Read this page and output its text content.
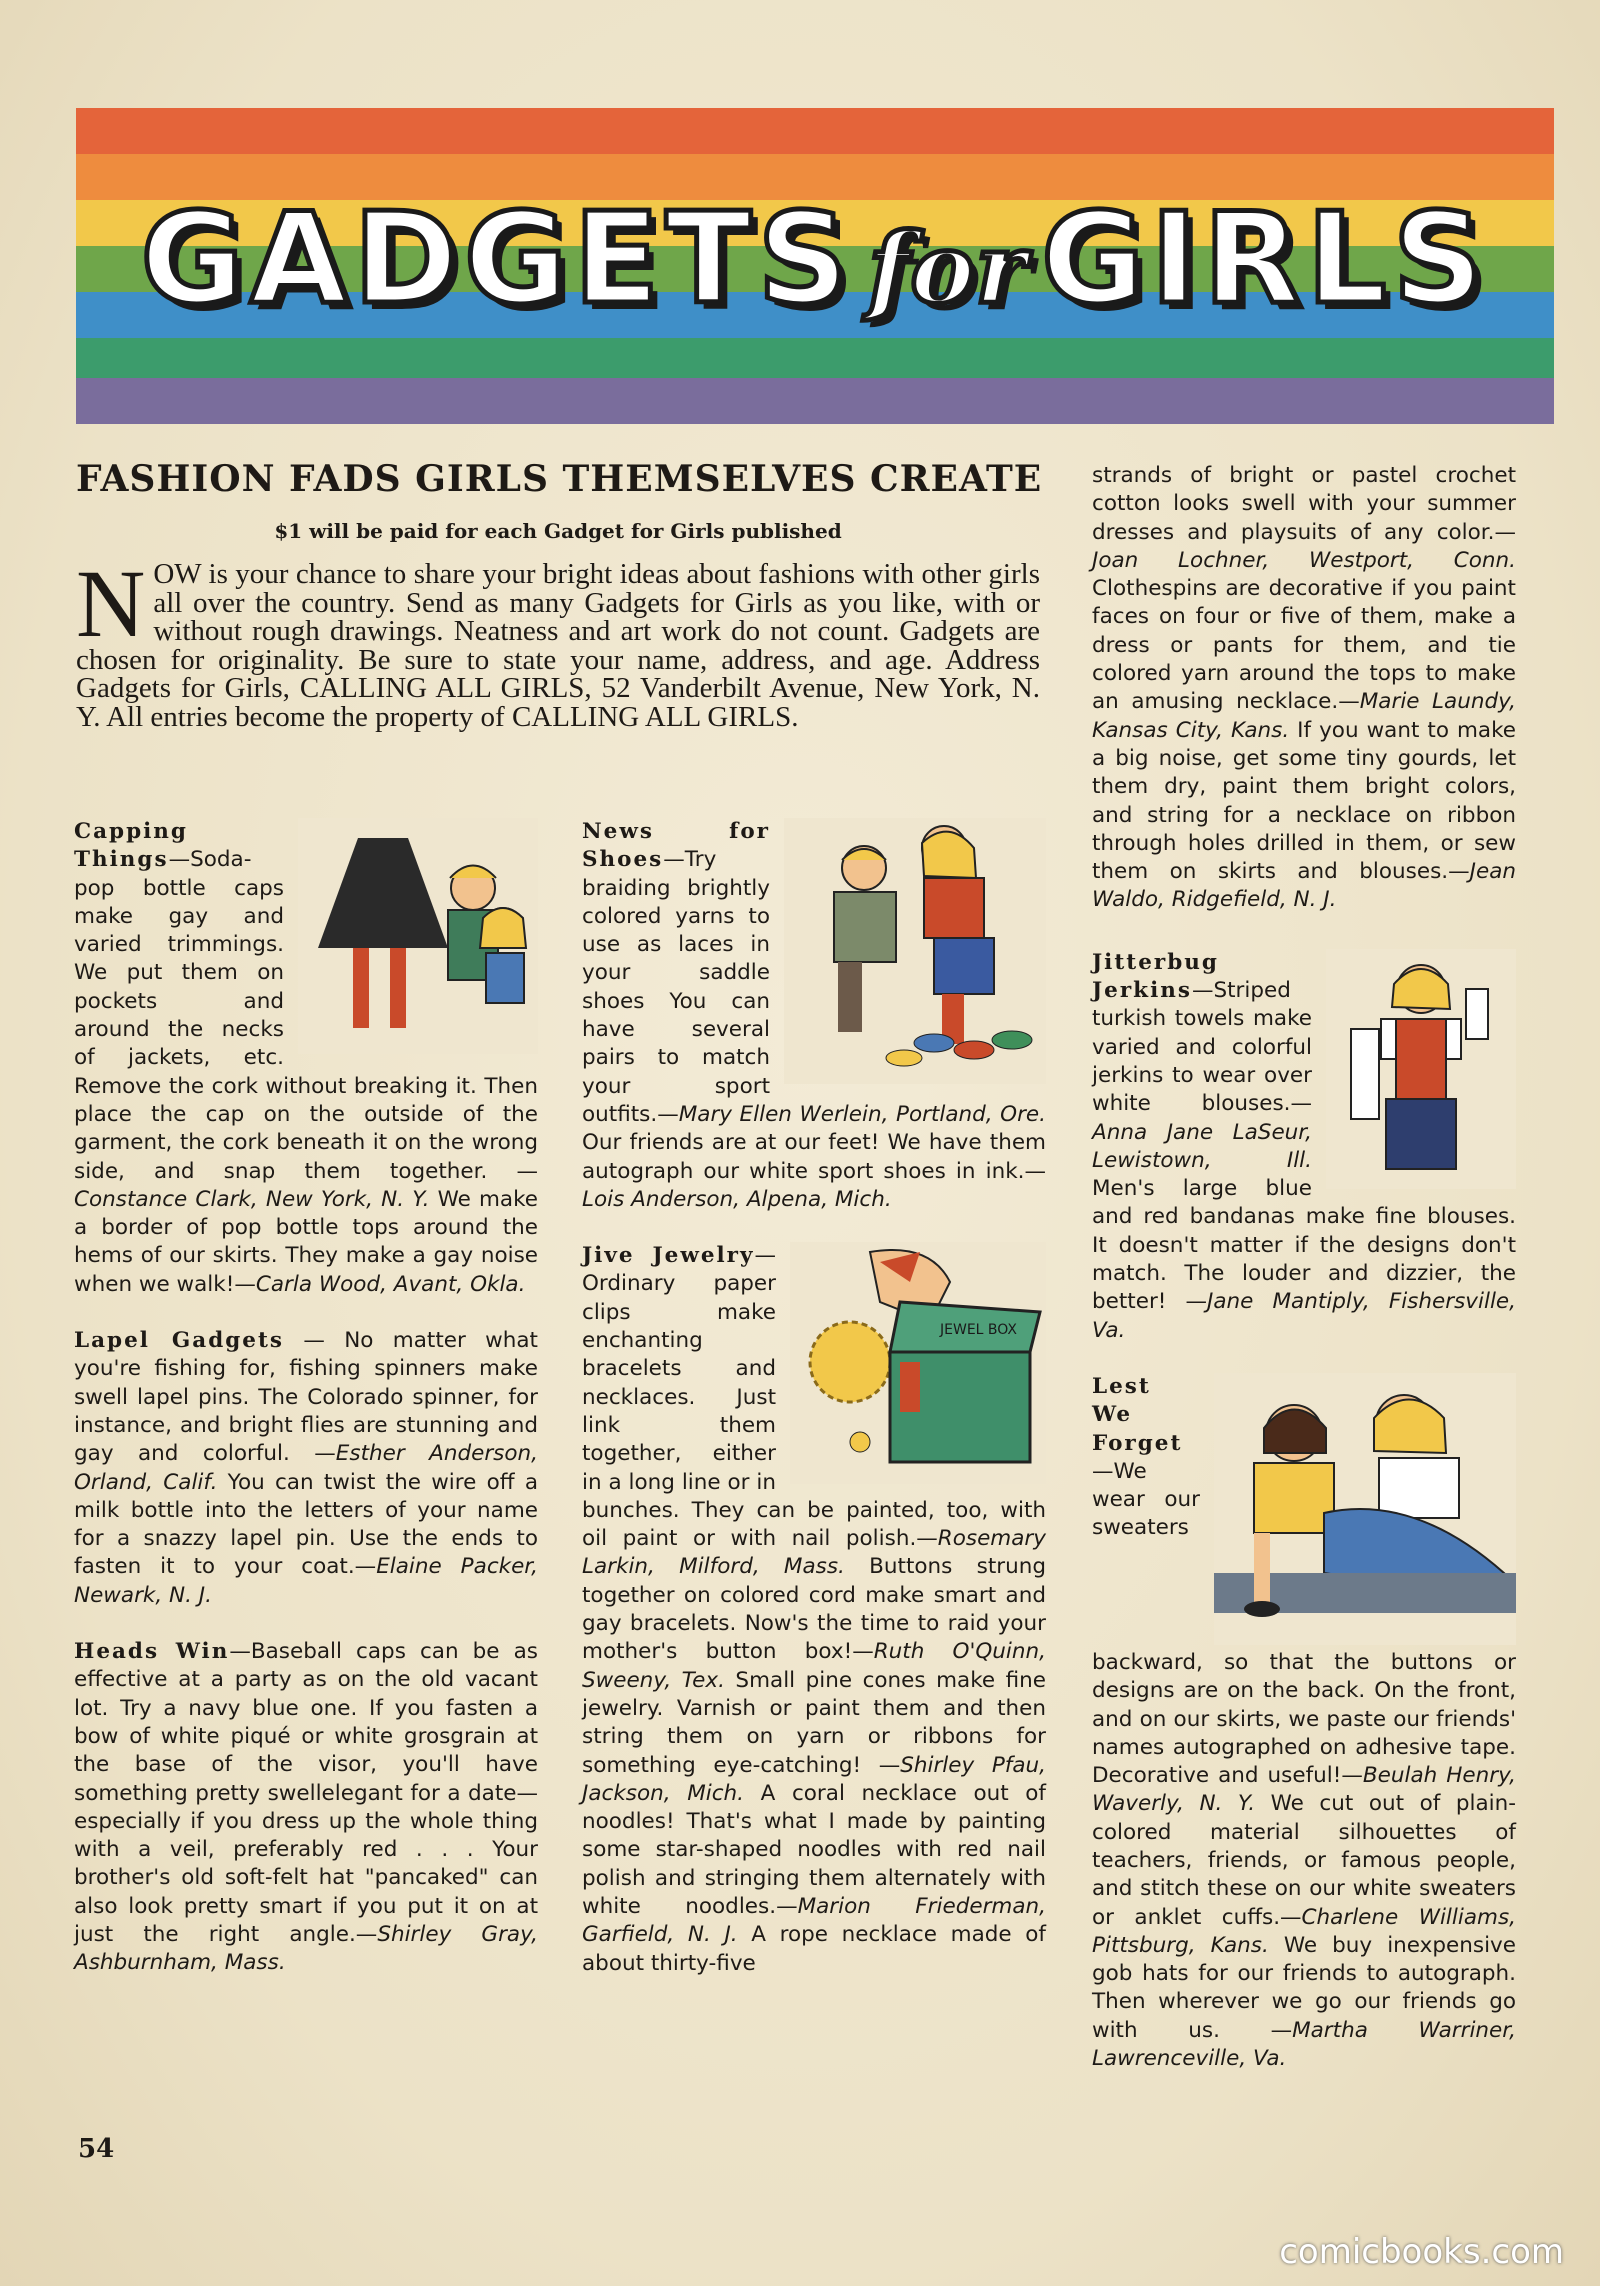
GADGETS for GIRLS
FASHION FADS GIRLS THEMSELVES CREATE
$1 will be paid for each Gadget for Girls published
NOW is your chance to share your bright ideas about fashions with other girls all over the country. Send as many Gadgets for Girls as you like, with or without rough drawings. Neatness and art work do not count. Gadgets are chosen for originality. Be sure to state your name, address, and age. Address Gadgets for Girls, CALLING ALL GIRLS, 52 Vanderbilt Avenue, New York, N. Y. All entries become the property of CALLING ALL GIRLS.

Capping Things—Soda-pop bottle caps make gay and varied trimmings. We put them on pockets and around the necks of jackets, etc. Remove the cork without breaking it. Then place the cap on the outside of the garment, the cork beneath it on the wrong side, and snap them together. —Constance Clark, New York, N. Y. We make a border of pop bottle tops around the hems of our skirts. They make a gay noise when we walk!—Carla Wood, Avant, Okla.

Lapel Gadgets — No matter what you're fishing for, fishing spinners make swell lapel pins. The Colorado spinner, for instance, and bright flies are stunning and gay and colorful. —Esther Anderson, Orland, Calif. You can twist the wire off a milk bottle into the letters of your name for a snazzy lapel pin. Use the ends to fasten it to your coat.—Elaine Packer, Newark, N. J.

Heads Win—Baseball caps can be as effective at a party as on the old vacant lot. Try a navy blue one. If you fasten a bow of white piqué or white grosgrain at the base of the visor, you'll have something pretty swellelegant for a date—especially if you dress up the whole thing with a veil, preferably red . . . Your brother's old soft-felt hat "pancaked" can also look pretty smart if you put it on at just the right angle.—Shirley Gray, Ashburnham, Mass.

News for Shoes—Try braiding brightly colored yarns to use as laces in your saddle shoes You can have several pairs to match your sport outfits.—Mary Ellen Werlein, Portland, Ore. Our friends are at our feet! We have them autograph our white sport shoes in ink.—Lois Anderson, Alpena, Mich.

JEWEL BOX
Jive Jewelry—Ordinary paper clips make enchanting bracelets and necklaces. Just link them together, either in a long line or in bunches. They can be painted, too, with oil paint or with nail polish.—Rosemary Larkin, Milford, Mass. Buttons strung together on colored cord make smart and gay bracelets. Now's the time to raid your mother's button box!—Ruth O'Quinn, Sweeny, Tex. Small pine cones make fine jewelry. Varnish or paint them and then string them on yarn or ribbons for something eye-catching! —Shirley Pfau, Jackson, Mich. A coral necklace out of noodles! That's what I made by painting some star-shaped noodles with red nail polish and stringing them alternately with white noodles.—Marion Friederman, Garfield, N. J. A rope necklace made of about thirty-five

strands of bright or pastel crochet cotton looks swell with your summer dresses and playsuits of any color.—Joan Lochner, Westport, Conn. Clothespins are decorative if you paint faces on four or five of them, make a dress or pants for them, and tie colored yarn around the tops to make an amusing necklace.—Marie Laundy, Kansas City, Kans. If you want to make a big noise, get some tiny gourds, let them dry, paint them bright colors, and string for a necklace on ribbon through holes drilled in them, or sew them on skirts and blouses.—Jean Waldo, Ridgefield, N. J.

Jitterbug Jerkins—Striped turkish towels make varied and colorful jerkins to wear over white blouses.—Anna Jane LaSeur, Lewistown, Ill. Men's large blue and red bandanas make fine blouses. It doesn't matter if the designs don't match. The louder and dizzier, the better! —Jane Mantiply, Fishersville, Va.

Lest We Forget—We wear our sweaters backward, so that the buttons or designs are on the back. On the front, and on our skirts, we paste our friends' names autographed on adhesive tape. Decorative and useful!—Beulah Henry, Waverly, N. Y. We cut out of plain-colored material silhouettes of teachers, friends, or famous people, and stitch these on our white sweaters or anklet cuffs.—Charlene Williams, Pittsburg, Kans. We buy inexpensive gob hats for our friends to autograph. Then wherever we go our friends go with us. —Martha Warriner, Lawrenceville, Va.

54
comicbooks.com
